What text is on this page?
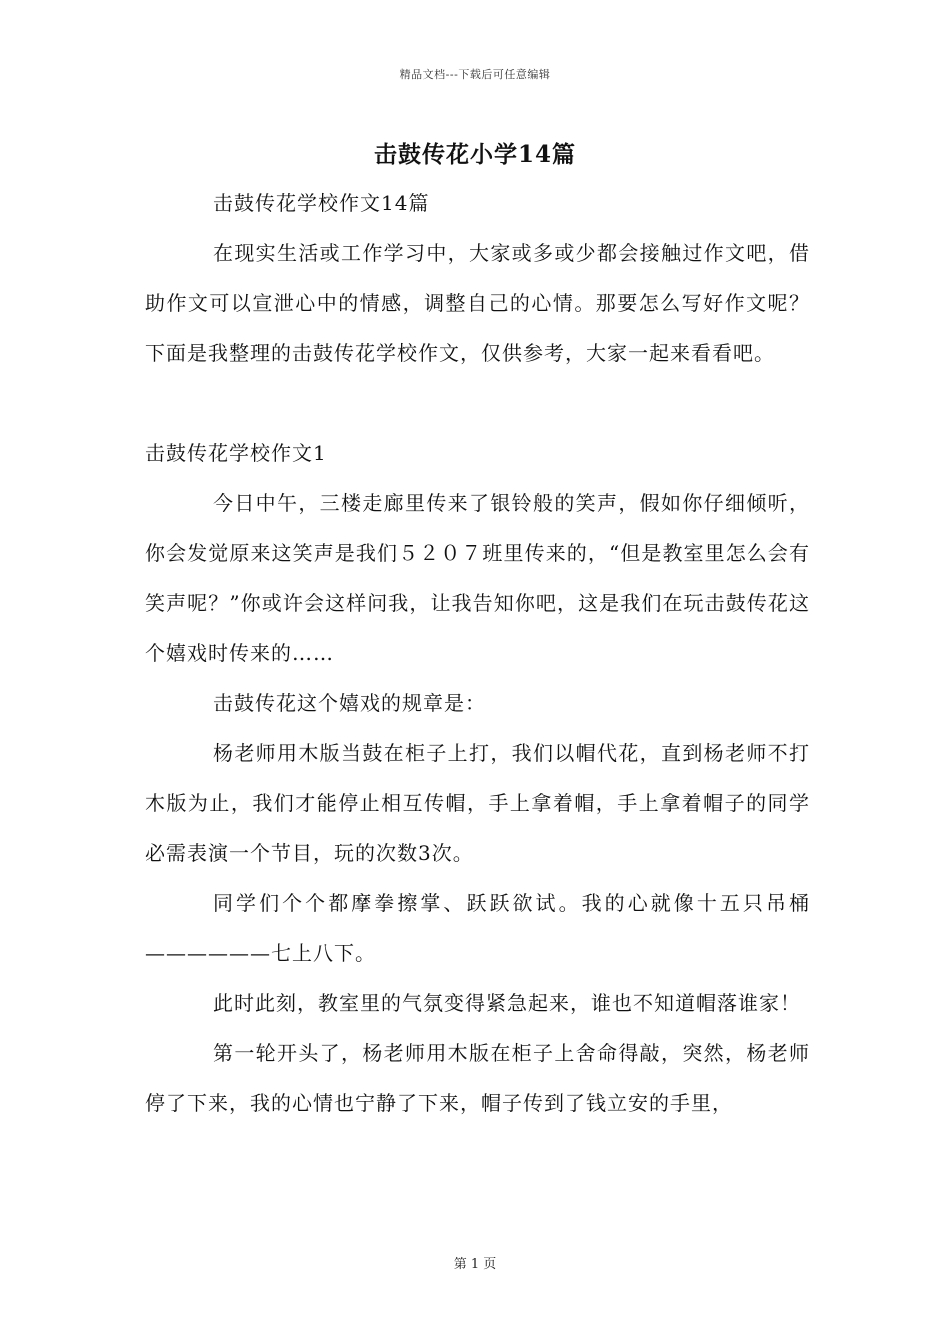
精品文档---下载后可任意编辑
击鼓传花小学14篇

击鼓传花学校作文14篇

在现实生活或工作学习中，大家或多或少都会接触过作文吧，借助作文可以宣泄心中的情感，调整自己的心情。那要怎么写好作文呢？下面是我整理的击鼓传花学校作文，仅供参考，大家一起来看看吧。

击鼓传花学校作文1

今日中午，三楼走廊里传来了银铃般的笑声，假如你仔细倾听，你会发觉原来这笑声是我们５２０７班里传来的，“但是教室里怎么会有笑声呢？”你或许会这样问我，让我告知你吧，这是我们在玩击鼓传花这个嬉戏时传来的……

击鼓传花这个嬉戏的规章是：

杨老师用木版当鼓在柜子上打，我们以帽代花，直到杨老师不打木版为止，我们才能停止相互传帽，手上拿着帽，手上拿着帽子的同学必需表演一个节目，玩的次数3次。

同学们个个都摩拳擦掌、跃跃欲试。我的心就像十五只吊桶——————七上八下。

此时此刻，教室里的气氛变得紧急起来，谁也不知道帽落谁家！

第一轮开头了，杨老师用木版在柜子上舍命得敲，突然，杨老师停了下来，我的心情也宁静了下来，帽子传到了钱立安的手里，

第 1 页
